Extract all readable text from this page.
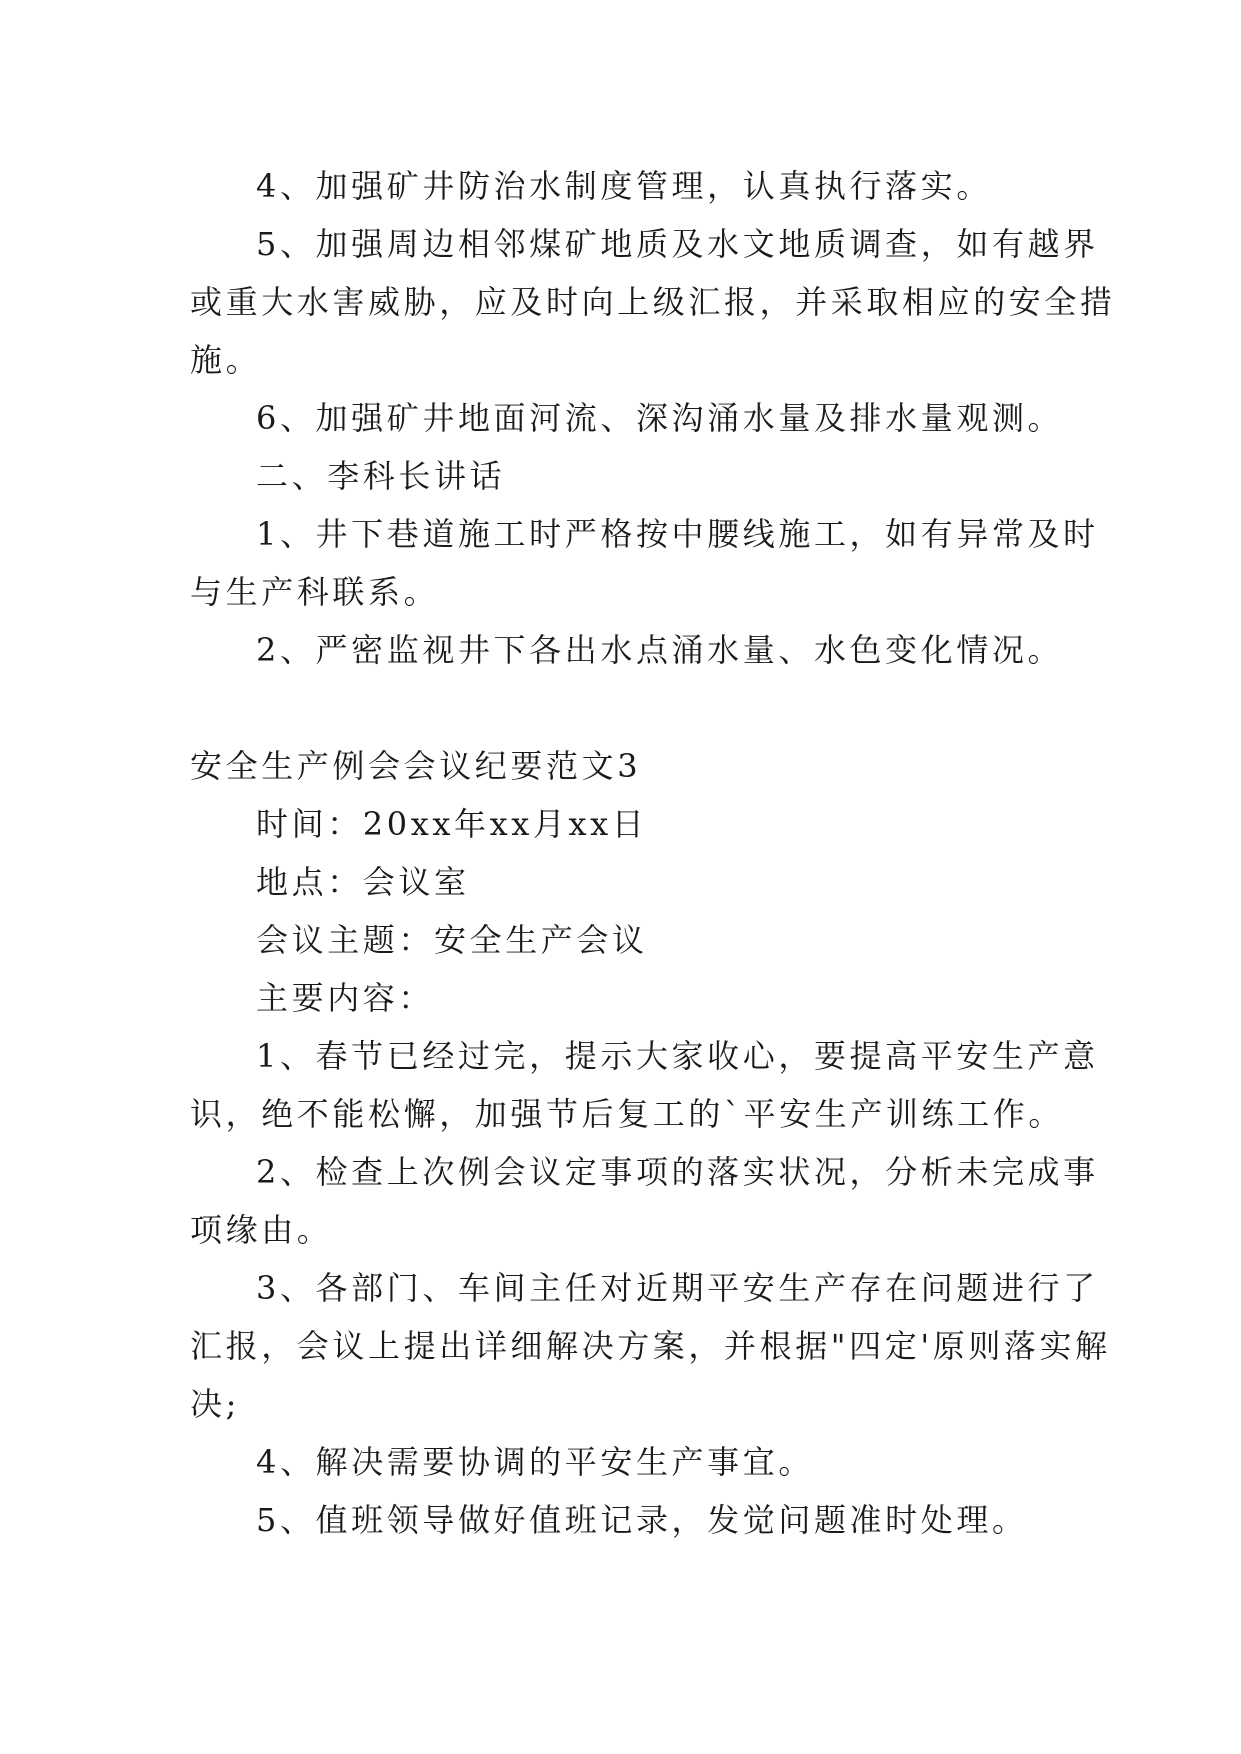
4、加强矿井防治水制度管理，认真执行落实。
5、加强周边相邻煤矿地质及水文地质调查，如有越界
或重大水害威胁，应及时向上级汇报，并采取相应的安全措
施。
6、加强矿井地面河流、深沟涌水量及排水量观测。
二、李科长讲话
1、井下巷道施工时严格按中腰线施工，如有异常及时
与生产科联系。
2、严密监视井下各出水点涌水量、水色变化情况。
安全生产例会会议纪要范文3
时间：20xx年xx月xx日
地点：会议室
会议主题：安全生产会议
主要内容：
1、春节已经过完，提示大家收心，要提高平安生产意
识，绝不能松懈，加强节后复工的`平安生产训练工作。
2、检查上次例会议定事项的落实状况，分析未完成事
项缘由。
3、各部门、车间主任对近期平安生产存在问题进行了
汇报，会议上提出详细解决方案，并根据"四定'原则落实解
决;
4、解决需要协调的平安生产事宜。
5、值班领导做好值班记录，发觉问题准时处理。
